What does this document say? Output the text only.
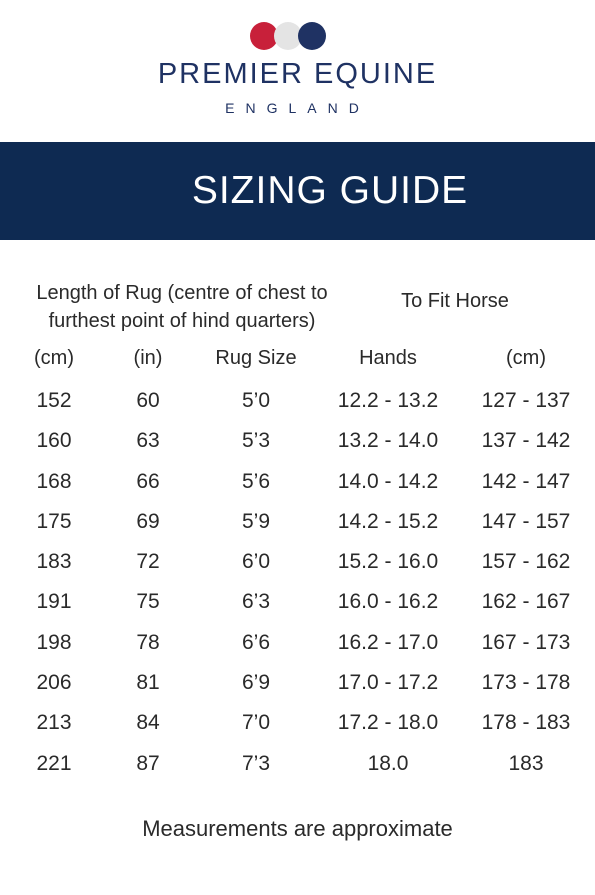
PREMIER EQUINE
ENGLAND
SIZING GUIDE
Length of Rug (centre of chest to furthest point of hind quarters)
To Fit Horse
(cm)	(in)	Rug Size	Hands	(cm)
152	60	5’0	12.2 - 13.2	127 - 137
160	63	5’3	13.2 - 14.0	137 - 142
168	66	5’6	14.0 - 14.2	142 - 147
175	69	5’9	14.2 - 15.2	147 - 157
183	72	6’0	15.2 - 16.0	157 - 162
191	75	6’3	16.0 - 16.2	162 - 167
198	78	6’6	16.2 - 17.0	167 - 173
206	81	6’9	17.0 - 17.2	173 - 178
213	84	7’0	17.2 - 18.0	178 - 183
221	87	7’3	18.0	183
Measurements are approximate
